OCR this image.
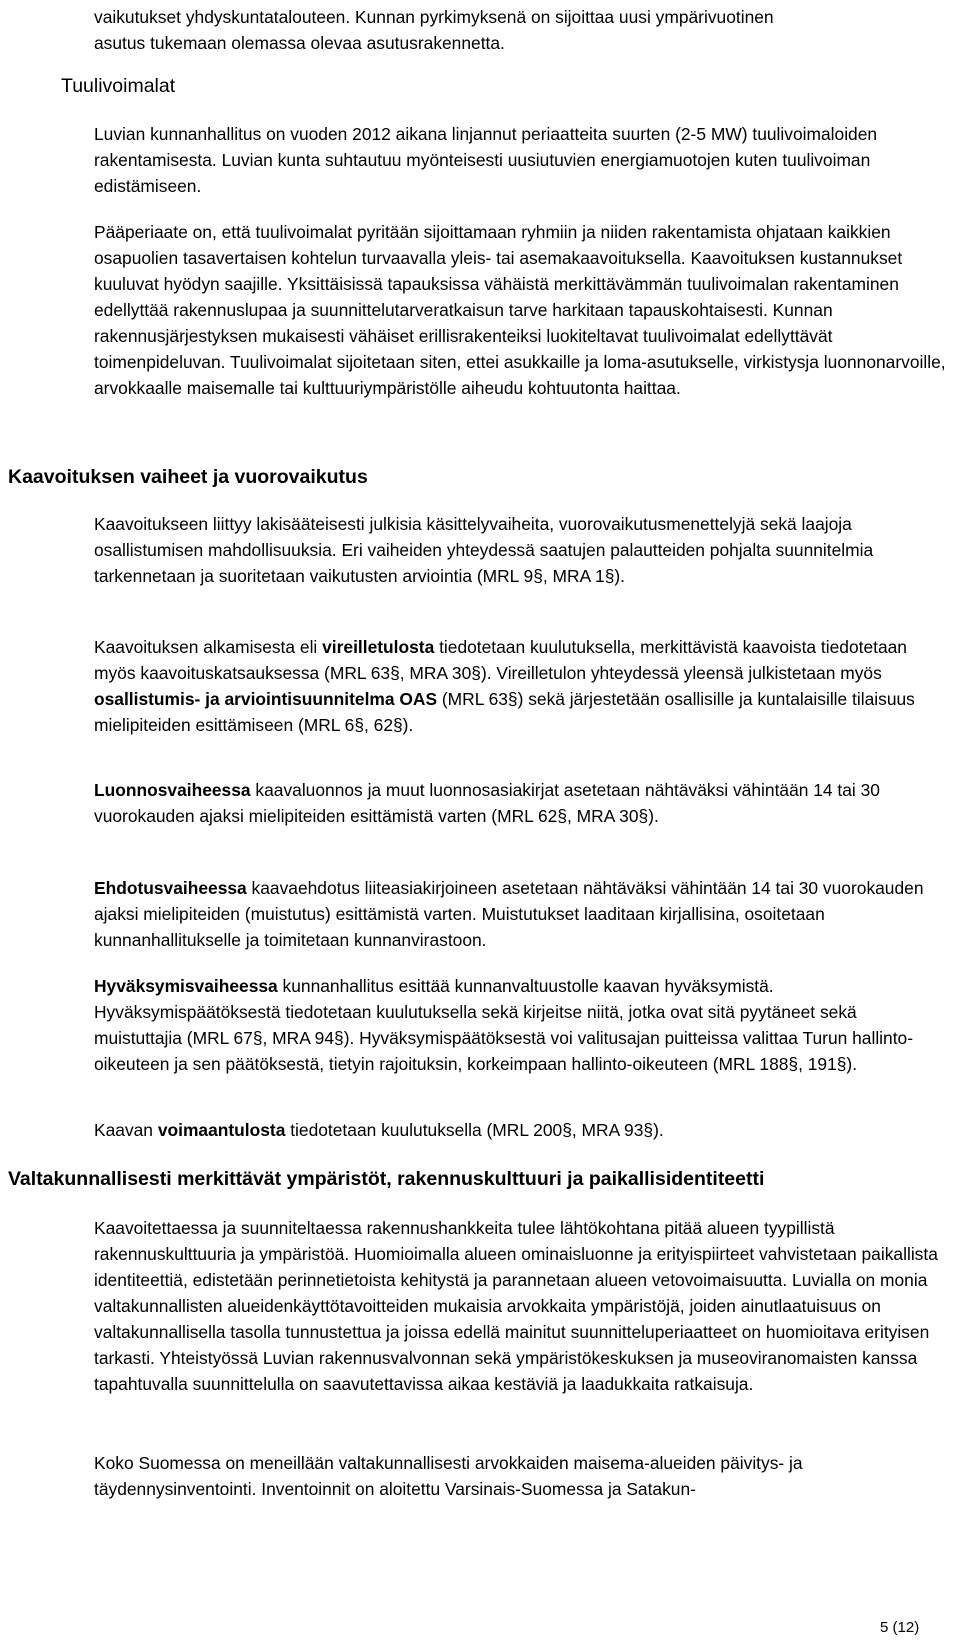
vaikutukset yhdyskuntatalouteen. Kunnan pyrkimyksenä on sijoittaa uusi ympärivuotinen
asutus tukemaan olemassa olevaa asutusrakennetta.

Tuulivoimalat

Luvian kunnanhallitus on vuoden 2012 aikana linjannut periaatteita suurten (2-5 MW) tuulivoimaloiden rakentamisesta. Luvian kunta suhtautuu myönteisesti uusiutuvien energiamuotojen kuten tuulivoiman edistämiseen.

Pääperiaate on, että tuulivoimalat pyritään sijoittamaan ryhmiin ja niiden rakentamista ohjataan kaikkien osapuolien tasavertaisen kohtelun turvaavalla yleis- tai asemakaavoituksella. Kaavoituksen kustannukset kuuluvat hyödyn saajille. Yksittäisissä tapauksissa vähäistä merkittävämmän tuulivoimalan rakentaminen edellyttää rakennuslupaa ja suunnittelutarveratkaisun tarve harkitaan tapauskohtaisesti. Kunnan rakennusjärjestyksen mukaisesti vähäiset erillisrakenteiksi luokiteltavat tuulivoimalat edellyttävät toimenpideluvan. Tuulivoimalat sijoitetaan siten, ettei asukkaille ja loma-asutukselle, virkistysja luonnonarvoille, arvokkaalle maisemalle tai kulttuuriympäristölle aiheudu kohtuutonta haittaa.

Kaavoituksen vaiheet ja vuorovaikutus

Kaavoitukseen liittyy lakisääteisesti julkisia käsittelyvaiheita, vuorovaikutusmenettelyjä sekä laajoja osallistumisen mahdollisuuksia. Eri vaiheiden yhteydessä saatujen palautteiden pohjalta suunnitelmia tarkennetaan ja suoritetaan vaikutusten arviointia (MRL 9§, MRA 1§).

Kaavoituksen alkamisesta eli vireilletulosta tiedotetaan kuulutuksella, merkittävistä kaavoista tiedotetaan myös kaavoituskatsauksessa (MRL 63§, MRA 30§). Vireilletulon yhteydessä yleensä julkistetaan myös osallistumis- ja arviointisuunnitelma OAS (MRL 63§) sekä järjestetään osallisille ja kuntalaisille tilaisuus mielipiteiden esittämiseen (MRL 6§, 62§).

Luonnosvaiheessa kaavaluonnos ja muut luonnosasiakirjat asetetaan nähtäväksi vähintään 14 tai 30 vuorokauden ajaksi mielipiteiden esittämistä varten (MRL 62§, MRA 30§).

Ehdotusvaiheessa kaavaehdotus liiteasiakirjoineen asetetaan nähtäväksi vähintään 14 tai 30 vuorokauden ajaksi mielipiteiden (muistutus) esittämistä varten. Muistutukset laaditaan kirjallisina, osoitetaan kunnanhallitukselle ja toimitetaan kunnanvirastoon.

Hyväksymisvaiheessa kunnanhallitus esittää kunnanvaltuustolle kaavan hyväksymistä. Hyväksymispäätöksestä tiedotetaan kuulutuksella sekä kirjeitse niitä, jotka ovat sitä pyytäneet sekä muistuttajia (MRL 67§, MRA 94§). Hyväksymispäätöksestä voi valitusajan puitteissa valittaa Turun hallinto-oikeuteen ja sen päätöksestä, tietyin rajoituksin, korkeimpaan hallinto-oikeuteen (MRL 188§, 191§).

Kaavan voimaantulosta tiedotetaan kuulutuksella (MRL 200§, MRA 93§).

Valtakunnallisesti merkittävät ympäristöt, rakennuskulttuuri ja paikallisidentiteetti

Kaavoitettaessa ja suunniteltaessa rakennushankkeita tulee lähtökohtana pitää alueen tyypillistä rakennuskulttuuria ja ympäristöä. Huomioimalla alueen ominaisluonne ja erityispiirteet vahvistetaan paikallista identiteettiä, edistetään perinnetietoista kehitystä ja parannetaan alueen vetovoimaisuutta. Luvialla on monia valtakunnallisten alueidenkäyttötavoitteiden mukaisia arvokkaita ympäristöjä, joiden ainutlaatuisuus on valtakunnallisella tasolla tunnustettua ja joissa edellä mainitut suunnitteluperiaatteet on huomioitava erityisen tarkasti. Yhteistyössä Luvian rakennusvalvonnan sekä ympäristökeskuksen ja museoviranomaisten kanssa tapahtuvalla suunnittelulla on saavutettavissa aikaa kestäviä ja laadukkaita ratkaisuja.

Koko Suomessa on meneillään valtakunnallisesti arvokkaiden maisema-alueiden päivitys- ja täydennysinventointi. Inventoinnit on aloitettu Varsinais-Suomessa ja Satakun-

5 (12)
